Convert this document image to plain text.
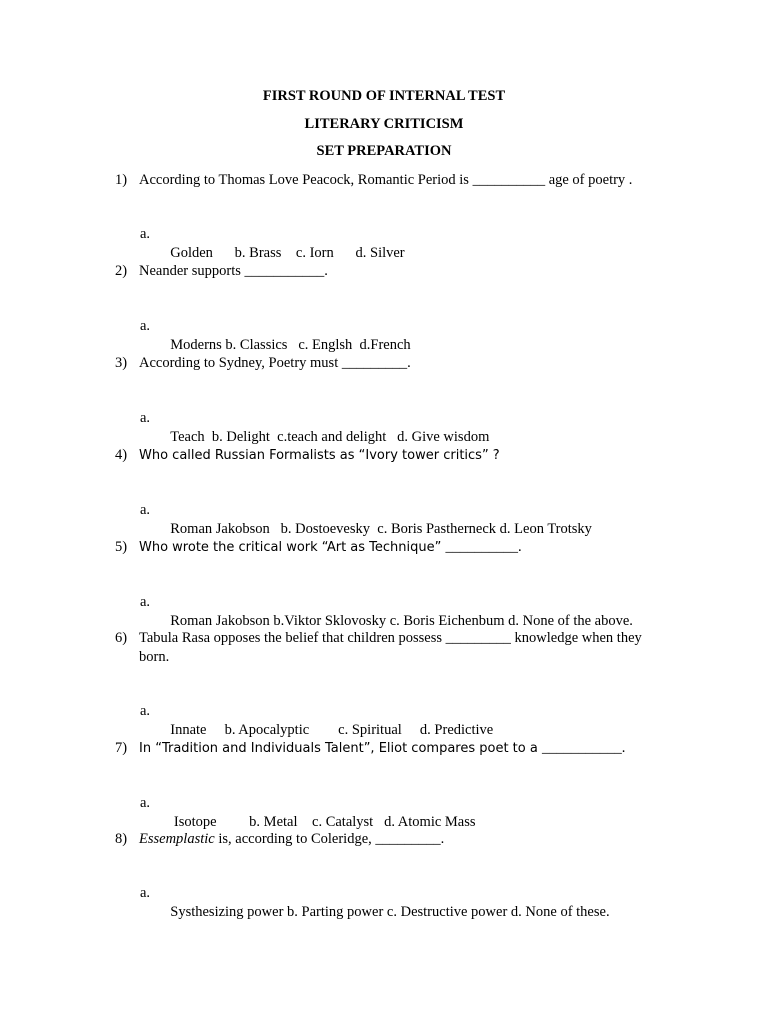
FIRST ROUND OF INTERNAL TEST
LITERARY CRITICISM
SET PREPARATION
1) According to Thomas Love Peacock, Romantic Period is __________ age of poetry .

a.

Golden      b. Brass    c. Iorn      d. Silver

2) Neander supports ___________.

a.

Moderns b. Classics   c. Englsh  d.French

3) According to Sydney, Poetry must _________.

a.

Teach  b. Delight  c.teach and delight   d. Give wisdom

4) Who called Russian Formalists as “Ivory tower critics” ?

a.

Roman Jakobson   b. Dostoevesky  c. Boris Pastherneck d. Leon Trotsky

5) Who wrote the critical work “Art as Technique” __________.

a.

Roman Jakobson b.Viktor Sklovosky c. Boris Eichenbum d. None of the above.

6) Tabula Rasa opposes the belief that children possess _________ knowledge when they born.

a.

Innate     b. Apocalyptic        c. Spiritual     d. Predictive

7) In “Tradition and Individuals Talent”, Eliot compares poet to a ___________.

a.

Isotope         b. Metal    c. Catalyst   d. Atomic Mass

8) Essemplastic is, according to Coleridge, _________.

a.

Systhesizing power b. Parting power c. Destructive power d. None of these.
